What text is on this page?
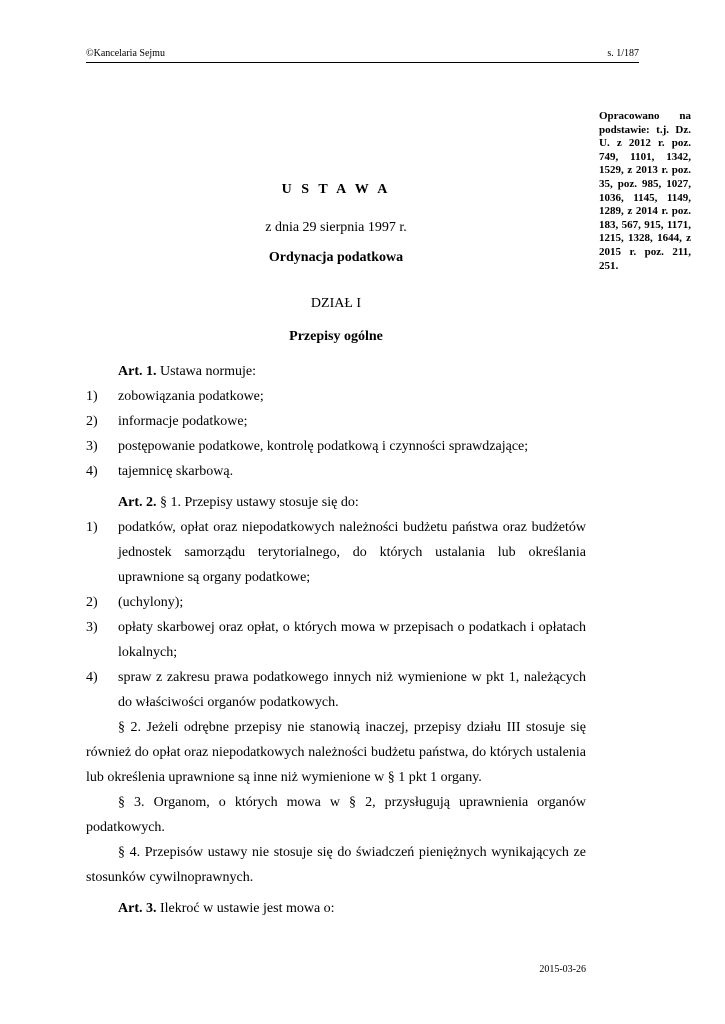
©Kancelaria Sejmu	s. 1/187
Opracowano na podstawie: t.j. Dz. U. z 2012 r. poz. 749, 1101, 1342, 1529, z 2013 r. poz. 35, poz. 985, 1027, 1036, 1145, 1149, 1289, z 2014 r. poz. 183, 567, 915, 1171, 1215, 1328, 1644, z 2015 r. poz. 211, 251.
U S T A W A
z dnia 29 sierpnia 1997 r.
Ordynacja podatkowa
DZIAŁ I
Przepisy ogólne

Art. 1. Ustawa normuje:

1) zobowiązania podatkowe;

2) informacje podatkowe;

3) postępowanie podatkowe, kontrolę podatkową i czynności sprawdzające;

4) tajemnicę skarbową.

Art. 2. § 1. Przepisy ustawy stosuje się do:

1) podatków, opłat oraz niepodatkowych należności budżetu państwa oraz budżetów jednostek samorządu terytorialnego, do których ustalania lub określania uprawnione są organy podatkowe;

2) (uchylony);

3) opłaty skarbowej oraz opłat, o których mowa w przepisach o podatkach i opłatach lokalnych;

4) spraw z zakresu prawa podatkowego innych niż wymienione w pkt 1, należących do właściwości organów podatkowych.

§ 2. Jeżeli odrębne przepisy nie stanowią inaczej, przepisy działu III stosuje się również do opłat oraz niepodatkowych należności budżetu państwa, do których ustalenia lub określenia uprawnione są inne niż wymienione w § 1 pkt 1 organy.

§ 3. Organom, o których mowa w § 2, przysługują uprawnienia organów podatkowych.

§ 4. Przepisów ustawy nie stosuje się do świadczeń pieniężnych wynikających ze stosunków cywilnoprawnych.

Art. 3. Ilekroć w ustawie jest mowa o:

2015-03-26
